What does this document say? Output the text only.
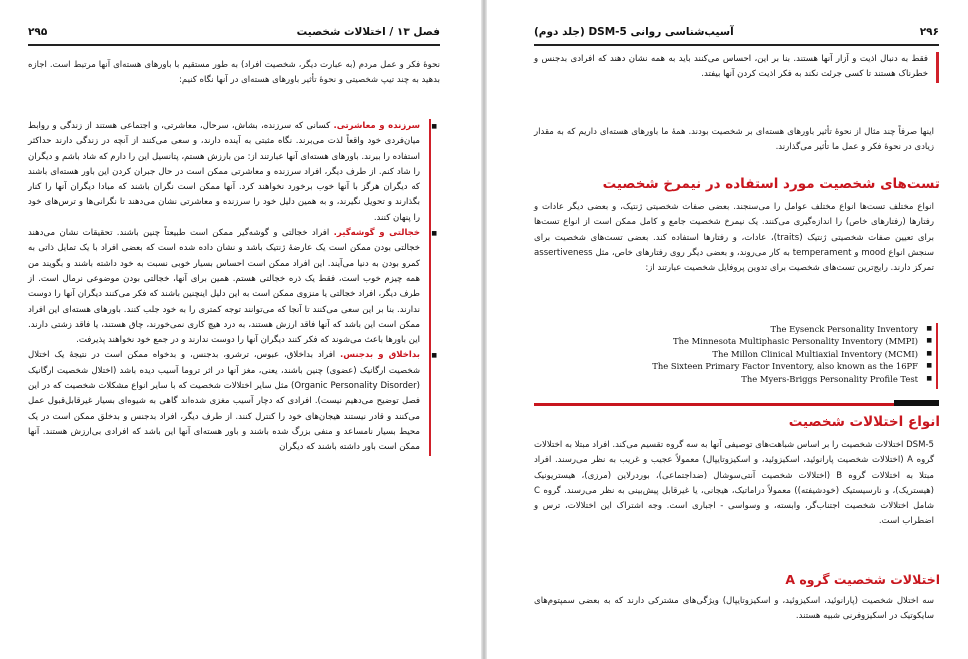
۲۹۵	فصل ۱۳ / اختلالات شخصیت

نحوۀ فکر و عمل مردم (به عبارت دیگر، شخصیت افراد) به طور مستقیم با باورهای هسته‌ای آنها مرتبط است. اجازه بدهید به چند تیپ شخصیتی و نحوۀ تأثیر باورهای هسته‌ای در آنها نگاه کنیم:

■ سرزنده و معاشرتی. کسانی که سرزنده، بشاش، سرحال، معاشرتی، و اجتماعی هستند از زندگی و روابط میان‌فردی خود واقعاً لذت می‌برند. نگاه مثبتی به آینده دارند، و سعی می‌کنند از آنچه در زندگی دارند حداکثر استفاده را ببرند. باورهای هسته‌ای آنها عبارتند از: من بارزش هستم، پتانسیل این را دارم که شاد باشم و دیگران را شاد کنم. از طرف دیگر، افراد سرزنده و معاشرتی ممکن است در حال جبران کردن این باور هسته‌ای باشند که دیگران هرگز با آنها خوب برخورد نخواهند کرد. آنها ممکن است نگران باشند که مبادا دیگران آنها را کنار بگذارند و تحویل نگیرند، و به همین دلیل خود را سرزنده و معاشرتی نشان می‌دهند تا نگرانی‌ها و ترس‌های خود را پنهان کنند.
■ خجالتی و گوشه‌گیر. افراد خجالتی و گوشه‌گیر ممکن است طبیعتاً چنین باشند. تحقیقات نشان می‌دهند خجالتی بودن ممکن است یک عارضۀ ژنتیک باشد و نشان داده شده است که بعضی افراد با یک تمایل ذاتی به کمرو بودن به دنیا می‌آیند. این افراد ممکن است احساس بسیار خوبی نسبت به خود داشته باشند و بگویند من همه چیزم خوب است، فقط یک ذره خجالتی هستم. همین برای آنها، خجالتی بودن موضوعی نرمال است. از طرف دیگر، افراد خجالتی یا منزوی ممکن است به این دلیل اینچنین باشند که فکر می‌کنند دیگران آنها را دوست ندارند. بنا بر این سعی می‌کنند تا آنجا که می‌توانند توجه کمتری را به خود جلب کنند. باورهای هسته‌ای این افراد ممکن است این باشد که آنها فاقد ارزش هستند، به درد هیچ کاری نمی‌خورند، چاق هستند، یا فاقد زشتی دارند. این باورها باعث می‌شوند که فکر کنند دیگران آنها را دوست ندارند و در جمع خود نخواهند پذیرفت.
■ بداخلاق و بدجنس. افراد بداخلاق، عبوس، ترشرو، بدجنس، و بدخواه ممکن است در نتیجۀ یک اختلال شخصیت ارگانیک (عضوی) چنین باشند، یعنی، مغز آنها در اثر تروما آسیب دیده باشد (اختلال شخصیت ارگانیک (Organic Personality Disorder) مثل سایر اختلالات شخصیت که با سایر انواع مشکلات شخصیت که در این فصل توضیح می‌دهیم نیست). افرادی که دچار آسیب مغزی شده‌اند گاهی به شیوه‌ای بسیار غیرقابل‌قبول عمل می‌کنند و قادر نیستند هیجان‌های خود را کنترل کنند. از طرف دیگر، افراد بدجنس و بدخلق ممکن است در یک محیط بسیار نامساعد و منفی بزرگ شده باشند و باور هسته‌ای آنها این باشد که افرادی بی‌ارزش هستند. آنها ممکن است باور داشته باشند که دیگران
۲۹۶
آسیب‌شناسی روانی DSM-5 (جلد دوم)
فقط به دنبال اذیت و آزار آنها هستند. بنا بر این، احساس می‌کنند باید به همه نشان دهند که افرادی بدجنس و خطرناک هستند تا کسی جرئت نکند به فکر اذیت کردن آنها بیفتد.

اینها صرفاً چند مثال از نحوۀ تأثیر باورهای هسته‌ای بر شخصیت بودند. همۀ ما باورهای هسته‌ای داریم که به مقدار زیادی در نحوۀ فکر و عمل ما تأثیر می‌گذارند.

تست‌های شخصیت مورد استفاده در نیمرخ شخصیت

انواع مختلف تست‌ها انواع مختلف عوامل را می‌سنجند. بعضی صفات شخصیتی ژنتیک، و بعضی دیگر عادات و رفتارها (رفتارهای خاص) را اندازه‌گیری می‌کنند. یک نیمرخ شخصیت جامع و کامل ممکن است از انواع تست‌ها برای تعیین صفات شخصیتی ژنتیک (traits)، عادات، و رفتارها استفاده کند. بعضی تست‌های شخصیت برای سنجش انواع mood و temperament به کار می‌روند، و بعضی دیگر روی رفتارهای خاص، مثل assertiveness تمرکز دارند. رایج‌ترین تست‌های شخصیت برای تدوین پروفایل شخصیت عبارتند از:

The Eysenck Personality Inventory ■
The Minnesota Multiphasic Personality Inventory (MMPI) ■
The Millon Clinical Multiaxial Inventory (MCMI) ■
The Sixteen Primary Factor Inventory, also known as the 16PF ■
The Myers-Briggs Personality Profile Test ■
انواع اختلالات شخصیت

DSM-5 اختلالات شخصیت را بر اساس شباهت‌های توصیفی آنها به سه گروه تقسیم می‌کند. افراد مبتلا به اختلالات گروه A (اختلالات شخصیت پارانوئید، اسکیزوئید، و اسکیزوتایپال) معمولاً عجیب و غریب به نظر می‌رسند. افراد مبتلا به اختلالات گروه B (اختلالات شخصیت آنتی‌سوشال (ضداجتماعی)، بوردرلاین (مرزی)، هیستریونیک (هیستریک)، و نارسیستیک (خودشیفته)) معمولاً دراماتیک، هیجانی، یا غیرقابل پیش‌بینی به نظر می‌رسند. گروه C شامل اختلالات شخصیت اجتناب‌گر، وابسته، و وسواسی - اجباری است. وجه اشتراک این اختلالات، ترس و اضطراب است.

اختلالات شخصیت گروه A

سه اختلال شخصیت (پارانوئید، اسکیزوئید، و اسکیزوتایپال) ویژگی‌های مشترکی دارند که به بعضی سمپتوم‌های سایکوتیک در اسکیزوفرنی شبیه هستند.
